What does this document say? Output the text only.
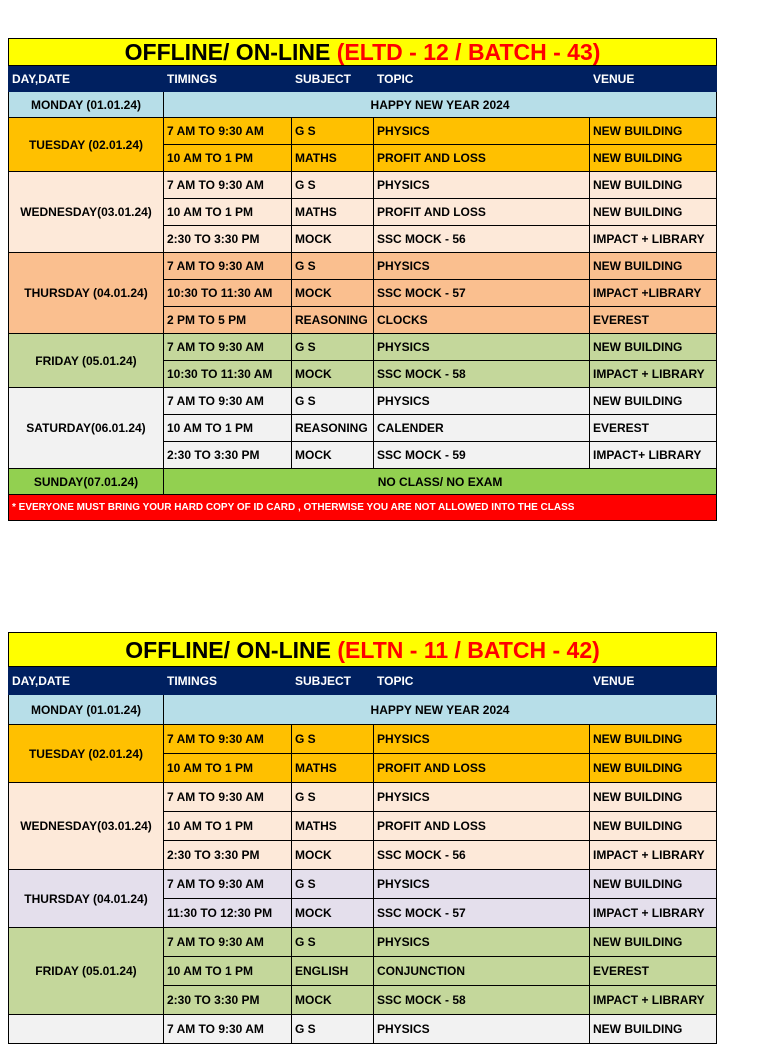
OFFLINE/ ON-LINE (ELTD - 12 / BATCH - 43)				
DAY,DATE	TIMINGS	SUBJECT	TOPIC	VENUE
MONDAY (01.01.24)	HAPPY NEW YEAR 2024			
TUESDAY (02.01.24)	7 AM TO 9:30 AM	G S	PHYSICS	NEW BUILDING
	10 AM TO 1 PM	MATHS	PROFIT AND LOSS	NEW BUILDING
WEDNESDAY(03.01.24)	7 AM TO 9:30 AM	G S	PHYSICS	NEW BUILDING
	10 AM TO 1 PM	MATHS	PROFIT AND LOSS	NEW BUILDING
	2:30 TO 3:30 PM	MOCK	SSC MOCK - 56	IMPACT + LIBRARY
THURSDAY (04.01.24)	7 AM TO 9:30 AM	G S	PHYSICS	NEW BUILDING
	10:30 TO 11:30 AM	MOCK	SSC MOCK - 57	IMPACT +LIBRARY
	2 PM TO 5 PM	REASONING	CLOCKS	EVEREST
FRIDAY (05.01.24)	7 AM TO 9:30 AM	G S	PHYSICS	NEW BUILDING
	10:30 TO 11:30 AM	MOCK	SSC MOCK - 58	IMPACT + LIBRARY
SATURDAY(06.01.24)	7 AM TO 9:30 AM	G S	PHYSICS	NEW BUILDING
	10 AM TO 1 PM	REASONING	CALENDER	EVEREST
	2:30 TO 3:30 PM	MOCK	SSC MOCK - 59	IMPACT+ LIBRARY
SUNDAY(07.01.24)	NO CLASS/ NO EXAM			
* EVERYONE MUST BRING YOUR HARD COPY OF ID CARD , OTHERWISE YOU ARE NOT ALLOWED INTO THE CLASS				
OFFLINE/ ON-LINE (ELTN - 11 / BATCH - 42)				
DAY,DATE	TIMINGS	SUBJECT	TOPIC	VENUE
MONDAY (01.01.24)	HAPPY NEW YEAR 2024			
TUESDAY (02.01.24)	7 AM TO 9:30 AM	G S	PHYSICS	NEW BUILDING
	10 AM TO 1 PM	MATHS	PROFIT AND LOSS	NEW BUILDING
WEDNESDAY(03.01.24)	7 AM TO 9:30 AM	G S	PHYSICS	NEW BUILDING
	10 AM TO 1 PM	MATHS	PROFIT AND LOSS	NEW BUILDING
	2:30 TO 3:30 PM	MOCK	SSC MOCK - 56	IMPACT + LIBRARY
THURSDAY (04.01.24)	7 AM TO 9:30 AM	G S	PHYSICS	NEW BUILDING
	11:30 TO 12:30 PM	MOCK	SSC MOCK - 57	IMPACT + LIBRARY
FRIDAY (05.01.24)	7 AM TO 9:30 AM	G S	PHYSICS	NEW BUILDING
	10 AM TO 1 PM	ENGLISH	CONJUNCTION	EVEREST
	2:30 TO 3:30 PM	MOCK	SSC MOCK - 58	IMPACT + LIBRARY
	7 AM TO 9:30 AM	G S	PHYSICS	NEW BUILDING
